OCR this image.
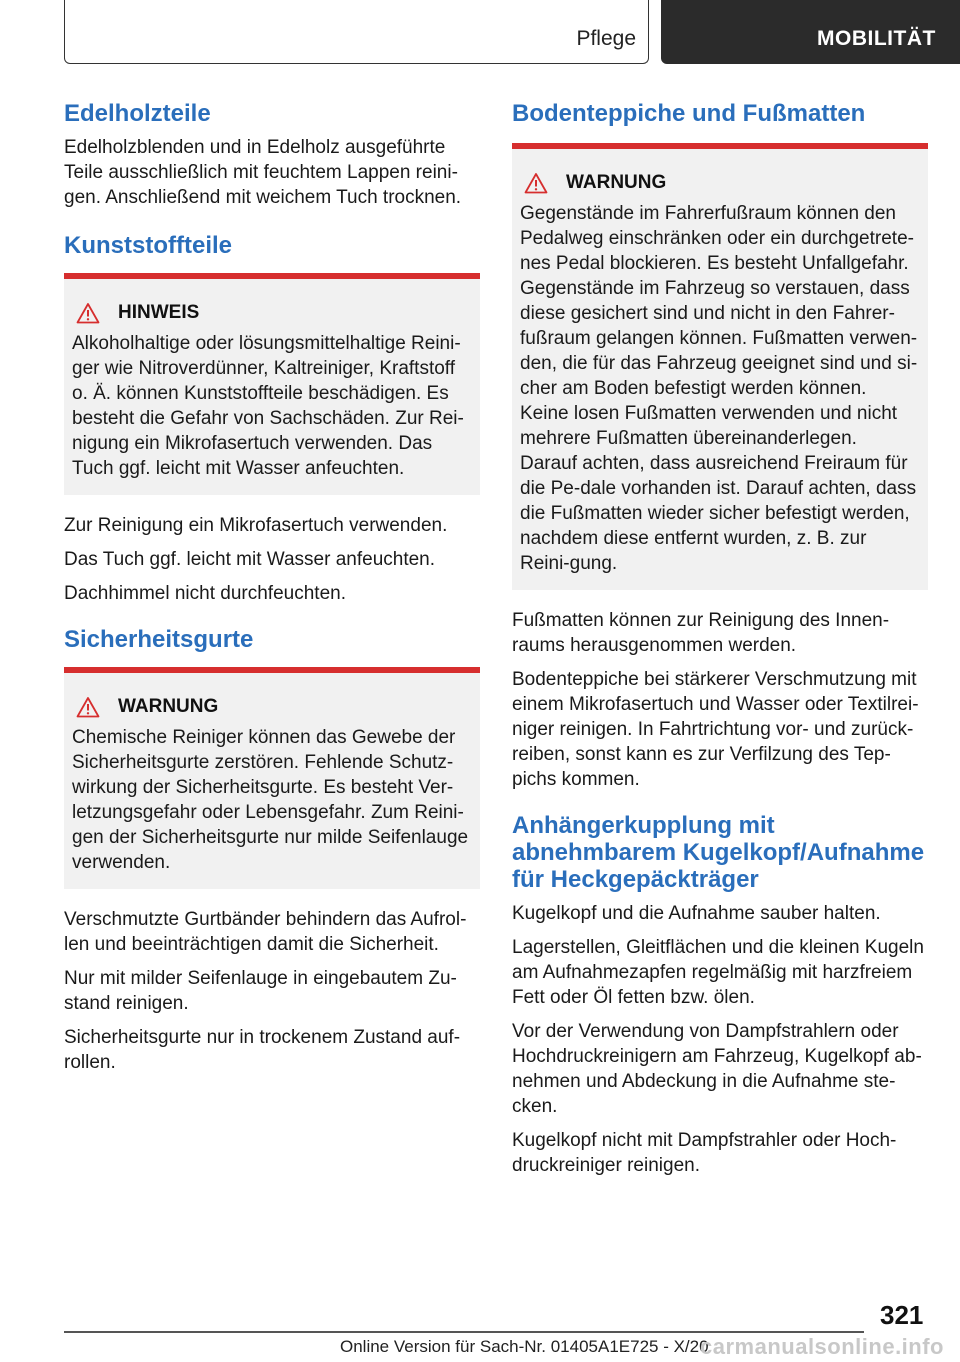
Pflege	MOBILITÄT
Edelholzteile

Edelholzblenden und in Edelholz ausgeführte Teile ausschließlich mit feuchtem Lappen reini‐gen. Anschließend mit weichem Tuch trocknen.

Kunststoffteile
HINWEIS

Alkoholhaltige oder lösungsmittelhaltige Reini‐ger wie Nitroverdünner, Kaltreiniger, Kraftstoff o. Ä. können Kunststoffteile beschädigen. Es besteht die Gefahr von Sachschäden. Zur Rei‐nigung ein Mikrofasertuch verwenden. Das Tuch ggf. leicht mit Wasser anfeuchten.

Zur Reinigung ein Mikrofasertuch verwenden.

Das Tuch ggf. leicht mit Wasser anfeuchten.

Dachhimmel nicht durchfeuchten.

Sicherheitsgurte
WARNUNG

Chemische Reiniger können das Gewebe der Sicherheitsgurte zerstören. Fehlende Schutz‐wirkung der Sicherheitsgurte. Es besteht Ver‐letzungsgefahr oder Lebensgefahr. Zum Reini‐gen der Sicherheitsgurte nur milde Seifenlauge verwenden.

Verschmutzte Gurtbänder behindern das Aufrol‐len und beeinträchtigen damit die Sicherheit.

Nur mit milder Seifenlauge in eingebautem Zu‐stand reinigen.

Sicherheitsgurte nur in trockenem Zustand auf‐rollen.

Bodenteppiche und Fußmatten
WARNUNG

Gegenstände im Fahrerfußraum können den Pedalweg einschränken oder ein durchgetrete‐nes Pedal blockieren. Es besteht Unfallgefahr. Gegenstände im Fahrzeug so verstauen, dass diese gesichert sind und nicht in den Fahrer‐fußraum gelangen können. Fußmatten verwen‐den, die für das Fahrzeug geeignet sind und si‐cher am Boden befestigt werden können. Keine losen Fußmatten verwenden und nicht mehrere Fußmatten übereinanderlegen. Darauf achten, dass ausreichend Freiraum für die Pe‐dale vorhanden ist. Darauf achten, dass die Fußmatten wieder sicher befestigt werden, nachdem diese entfernt wurden, z. B. zur Reini‐gung.

Fußmatten können zur Reinigung des Innen‐raums herausgenommen werden.

Bodenteppiche bei stärkerer Verschmutzung mit einem Mikrofasertuch und Wasser oder Textilrei‐niger reinigen. In Fahrtrichtung vor- und zurück‐reiben, sonst kann es zur Verfilzung des Tep‐pichs kommen.

Anhängerkupplung mit abnehmbarem Kugelkopf/Aufnahme für Heckgepäckträger

Kugelkopf und die Aufnahme sauber halten.

Lagerstellen, Gleitflächen und die kleinen Kugeln am Aufnahmezapfen regelmäßig mit harzfreiem Fett oder Öl fetten bzw. ölen.

Vor der Verwendung von Dampfstrahlern oder Hochdruckreinigern am Fahrzeug, Kugelkopf ab‐nehmen und Abdeckung in die Aufnahme ste‐cken.

Kugelkopf nicht mit Dampfstrahler oder Hoch‐druckreiniger reinigen.

321
Online Version für Sach-Nr. 01405A1E725 - X/20
carmanualsonline.info
